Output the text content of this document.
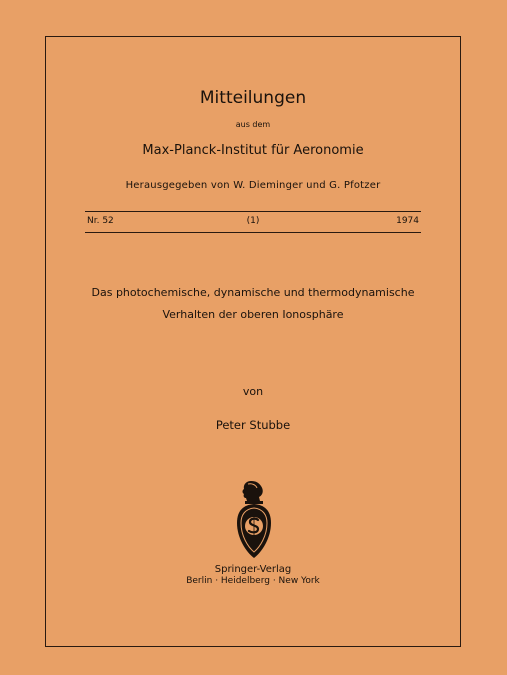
Mitteilungen
aus dem
Max-Planck-Institut für Aeronomie
Herausgegeben von W. Dieminger und G. Pfotzer
Nr. 52	(1)	1974
Das photochemische, dynamische und thermodynamische
Verhalten der oberen Ionosphäre
von
Peter Stubbe
Springer-Verlag
Berlin · Heidelberg · New York
